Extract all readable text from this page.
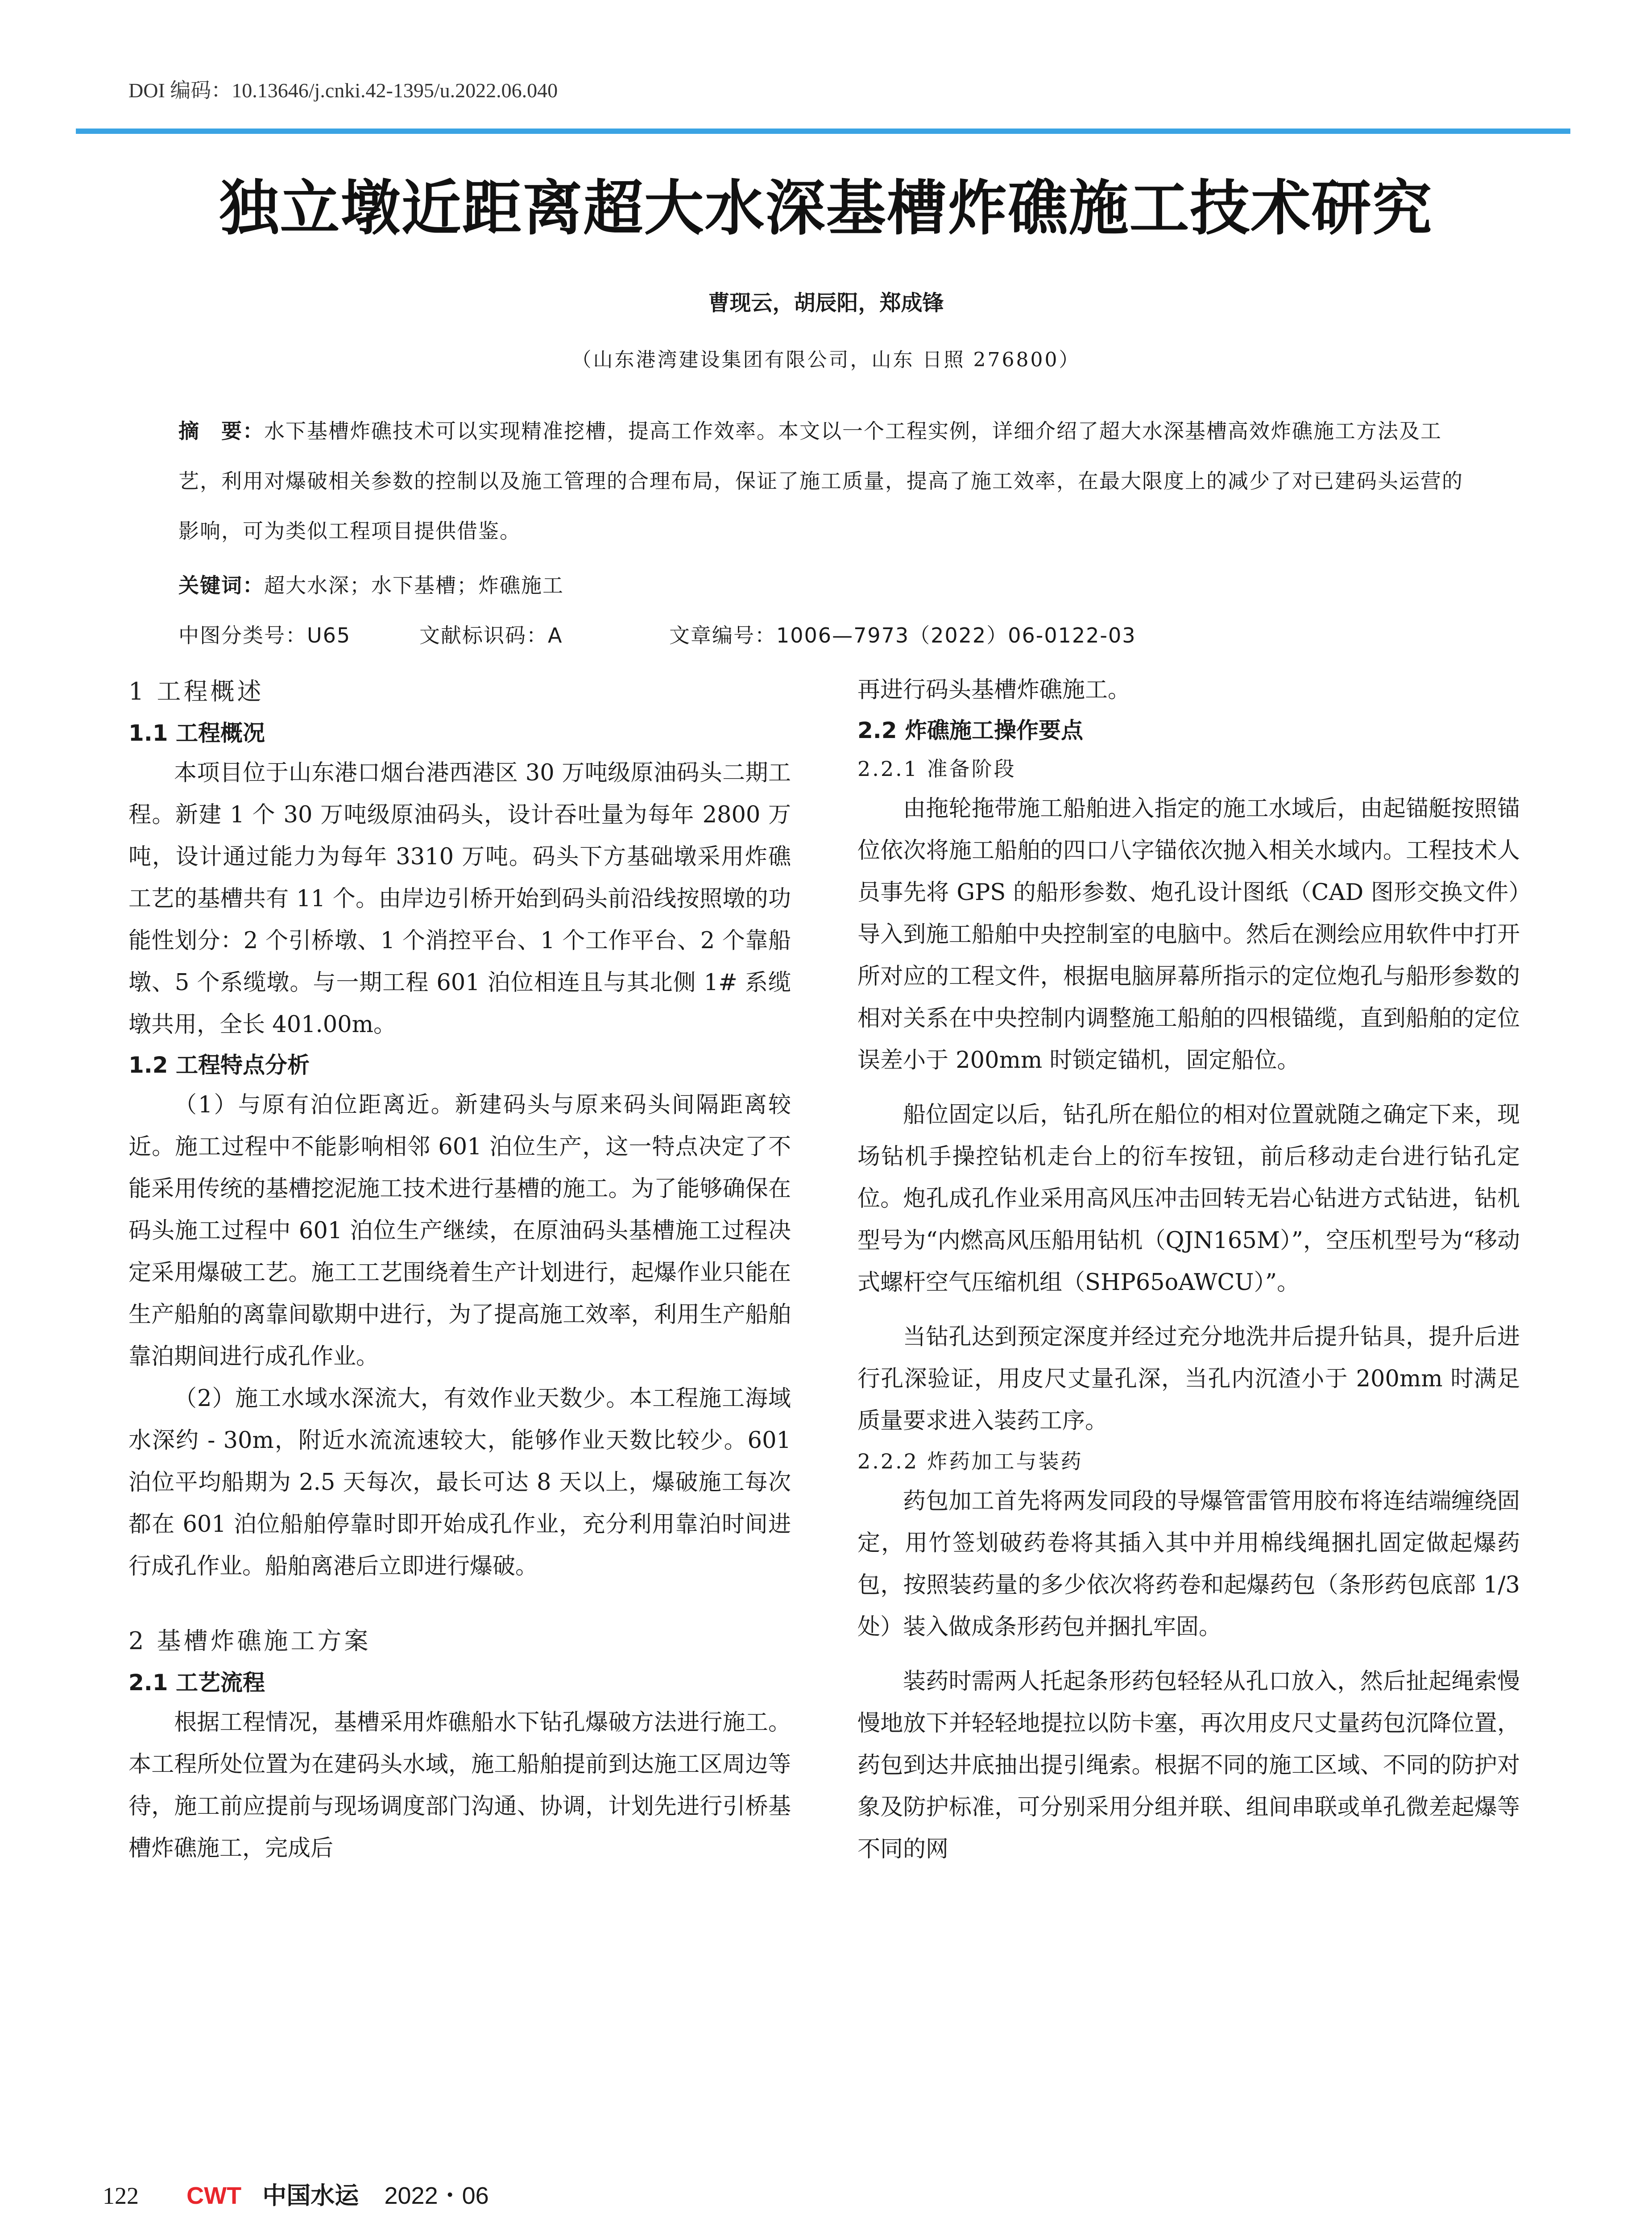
DOI 编码：10.13646/j.cnki.42-1395/u.2022.06.040
独立墩近距离超大水深基槽炸礁施工技术研究
曹现云，胡辰阳，郑成锋
（山东港湾建设集团有限公司，山东 日照 276800）
摘　要：水下基槽炸礁技术可以实现精准挖槽，提高工作效率。本文以一个工程实例，详细介绍了超大水深基槽高效炸礁施工方法及工艺，利用对爆破相关参数的控制以及施工管理的合理布局，保证了施工质量，提高了施工效率，在最大限度上的减少了对已建码头运营的影响，可为类似工程项目提供借鉴。
关键词：超大水深；水下基槽；炸礁施工
中图分类号：U65	文献标识码：A	文章编号：1006—7973（2022）06-0122-03
1 工程概述
1.1 工程概况

本项目位于山东港口烟台港西港区 30 万吨级原油码头二期工程。新建 1 个 30 万吨级原油码头，设计吞吐量为每年 2800 万吨，设计通过能力为每年 3310 万吨。码头下方基础墩采用炸礁工艺的基槽共有 11 个。由岸边引桥开始到码头前沿线按照墩的功能性划分：2 个引桥墩、1 个消控平台、1 个工作平台、2 个靠船墩、5 个系缆墩。与一期工程 601 泊位相连且与其北侧 1# 系缆墩共用，全长 401.00m。

1.2 工程特点分析

（1）与原有泊位距离近。新建码头与原来码头间隔距离较近。施工过程中不能影响相邻 601 泊位生产，这一特点决定了不能采用传统的基槽挖泥施工技术进行基槽的施工。为了能够确保在码头施工过程中 601 泊位生产继续，在原油码头基槽施工过程决定采用爆破工艺。施工工艺围绕着生产计划进行，起爆作业只能在生产船舶的离靠间歇期中进行，为了提高施工效率，利用生产船舶靠泊期间进行成孔作业。

（2）施工水域水深流大，有效作业天数少。本工程施工海域水深约 - 30m，附近水流流速较大，能够作业天数比较少。601 泊位平均船期为 2.5 天每次，最长可达 8 天以上，爆破施工每次都在 601 泊位船舶停靠时即开始成孔作业，充分利用靠泊时间进行成孔作业。船舶离港后立即进行爆破。

2 基槽炸礁施工方案
2.1 工艺流程

根据工程情况，基槽采用炸礁船水下钻孔爆破方法进行施工。本工程所处位置为在建码头水域，施工船舶提前到达施工区周边等待，施工前应提前与现场调度部门沟通、协调，计划先进行引桥基槽炸礁施工，完成后

再进行码头基槽炸礁施工。

2.2 炸礁施工操作要点
2.2.1 准备阶段

由拖轮拖带施工船舶进入指定的施工水域后，由起锚艇按照锚位依次将施工船舶的四口八字锚依次抛入相关水域内。工程技术人员事先将 GPS 的船形参数、炮孔设计图纸（CAD 图形交换文件）导入到施工船舶中央控制室的电脑中。然后在测绘应用软件中打开所对应的工程文件，根据电脑屏幕所指示的定位炮孔与船形参数的相对关系在中央控制内调整施工船舶的四根锚缆，直到船舶的定位误差小于 200mm 时锁定锚机，固定船位。

船位固定以后，钻孔所在船位的相对位置就随之确定下来，现场钻机手操控钻机走台上的衍车按钮，前后移动走台进行钻孔定位。炮孔成孔作业采用高风压冲击回转无岩心钻进方式钻进，钻机型号为“内燃高风压船用钻机（QJN165M）”，空压机型号为“移动式螺杆空气压缩机组（SHP65oAWCU）”。

当钻孔达到预定深度并经过充分地洗井后提升钻具，提升后进行孔深验证，用皮尺丈量孔深，当孔内沉渣小于 200mm 时满足质量要求进入装药工序。

2.2.2 炸药加工与装药

药包加工首先将两发同段的导爆管雷管用胶布将连结端缠绕固定，用竹签划破药卷将其插入其中并用棉线绳捆扎固定做起爆药包，按照装药量的多少依次将药卷和起爆药包（条形药包底部 1/3 处）装入做成条形药包并捆扎牢固。

装药时需两人托起条形药包轻轻从孔口放入，然后扯起绳索慢慢地放下并轻轻地提拉以防卡塞，再次用皮尺丈量药包沉降位置，药包到达井底抽出提引绳索。根据不同的施工区域、不同的防护对象及防护标准，可分别采用分组并联、组间串联或单孔微差起爆等不同的网

122 CWT 中国水运 2022・06
